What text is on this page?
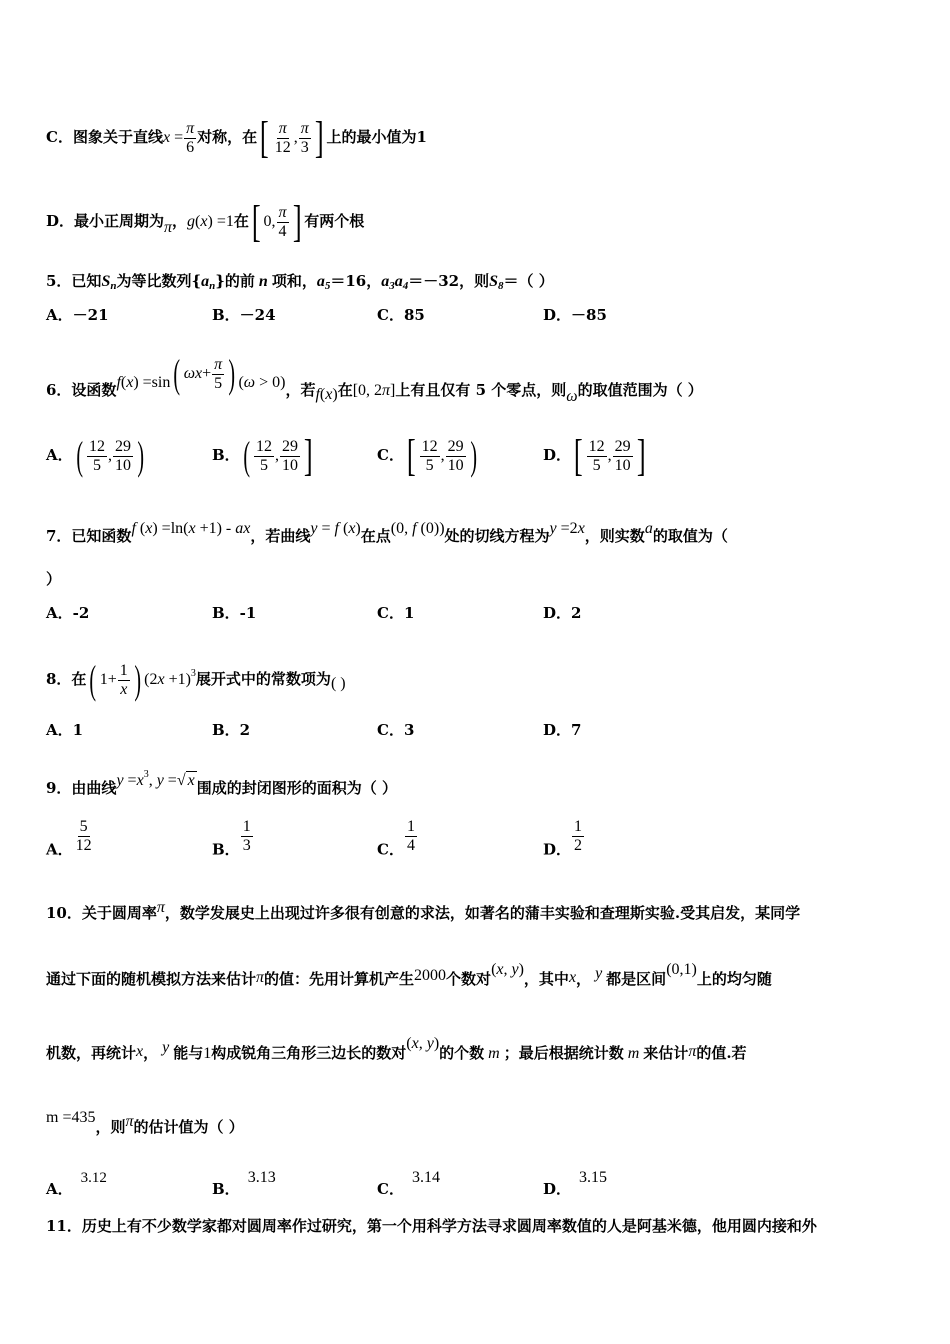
C．图象关于直线$x = \frac{\pi}{6}$ 对称，在 [ $\frac{\pi}{12}$ , $\frac{\pi}{3}$ ] 上的最小值为1
D．最小正周期为π，g(x) =1在 [ 0, $\frac{\pi}{4}$ ] 有两个根
5．已知$S_n$为等比数列$\{a_n\}$的前 n 项和，$a_5=16$，$a_3a_4=-32$，则$S_8=$（ ）
A．－21	B．－24	C．85	D．－85
6．设函数f(x) =sin ( $\omega x + \frac{\pi}{5}$ ) (ω > 0)，若f(x)在[0, 2π]上有且仅有 5 个零点，则ω的取值范围为（ ）
A． ( $\frac{12}{5}$ , $\frac{29}{10}$ )	B． ( $\frac{12}{5}$ , $\frac{29}{10}$ ]	C． [ $\frac{12}{5}$ , $\frac{29}{10}$ )	D． [ $\frac{12}{5}$ , $\frac{29}{10}$ ]
7．已知函数f (x) =ln(x +1) - ax，若曲线y = f (x)在点(0, f (0))处的切线方程为y =2x，则实数a的取值为（
）
A．-2	B．-1	C．1	D．2
8．在 ( $1+ \frac{1}{x}$ ) $(2x +1)^3$展开式中的常数项为( )
A．1	B．2	C．3	D．7
9．由曲线$y =x^3$, y =√ x 围成的封闭图形的面积为（ ）
A． $\frac{5}{12}$	B． $\frac{1}{3}$	C． $\frac{1}{4}$	D． $\frac{1}{2}$
10．关于圆周率π，数学发展史上出现过许多很有创意的求法，如著名的蒲丰实验和查理斯实验.受其启发，某同学
通过下面的随机模拟方法来估计π的值：先用计算机产生2000个数对(x, y)，其中x， y 都是区间(0,1)上的均匀随
机数，再统计x， y 能与1构成锐角三角形三边长的数对(x, y)的个数 m ；最后根据统计数 m 来估计π的值.若
m =435，则π的估计值为（ ）
A．3.12
B．3.13
C．3.14
D．3.15
11．历史上有不少数学家都对圆周率作过研究，第一个用科学方法寻求圆周率数值的人是阿基米德，他用圆内接和外
